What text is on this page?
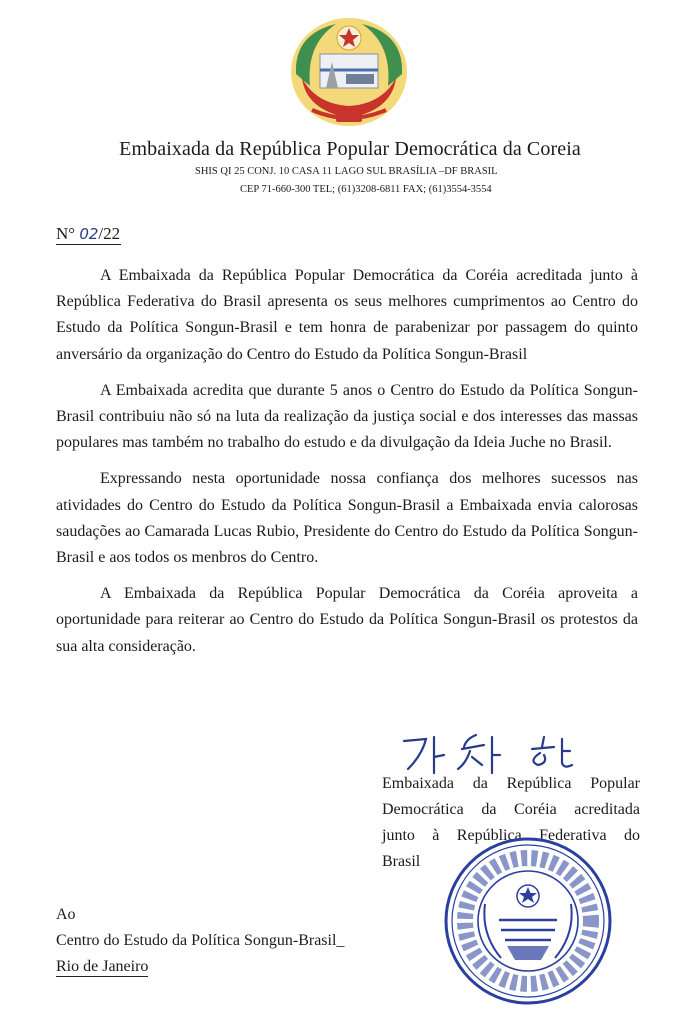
Embaixada da República Popular Democrática da Coreia
SHIS QI 25 CONJ. 10 CASA 11 LAGO SUL BRASÍLIA –DF BRASIL
CEP 71-660-300 TEL; (61)3208-6811 FAX; (61)3554-3554
N° 02/22

A Embaixada da República Popular Democrática da Coréia acreditada junto à República Federativa do Brasil apresenta os seus melhores cumprimentos ao Centro do Estudo da Política Songun-Brasil e tem honra de parabenizar por passagem do quinto anversário da organização do Centro do Estudo da Política Songun-Brasil

A Embaixada acredita que durante 5 anos o Centro do Estudo da Política Songun-Brasil contribuiu não só na luta da realização da justiça social e dos interesses das massas populares mas também no trabalho do estudo e da divulgação da Ideia Juche no Brasil.

Expressando nesta oportunidade nossa confiança dos melhores sucessos nas atividades do Centro do Estudo da Política Songun-Brasil a Embaixada envia calorosas saudações ao Camarada Lucas Rubio, Presidente do Centro do Estudo da Política Songun-Brasil e aos todos os menbros do Centro.

A Embaixada da República Popular Democrática da Coréia aproveita a oportunidade para reiterar ao Centro do Estudo da Política Songun-Brasil os protestos da sua alta consideração.

Embaixada da República Popular
Democrática da Coréia acreditada
junto à República Federativa do
Brasil
Ao
Centro do Estudo da Política Songun-Brasil_
Rio de Janeiro
